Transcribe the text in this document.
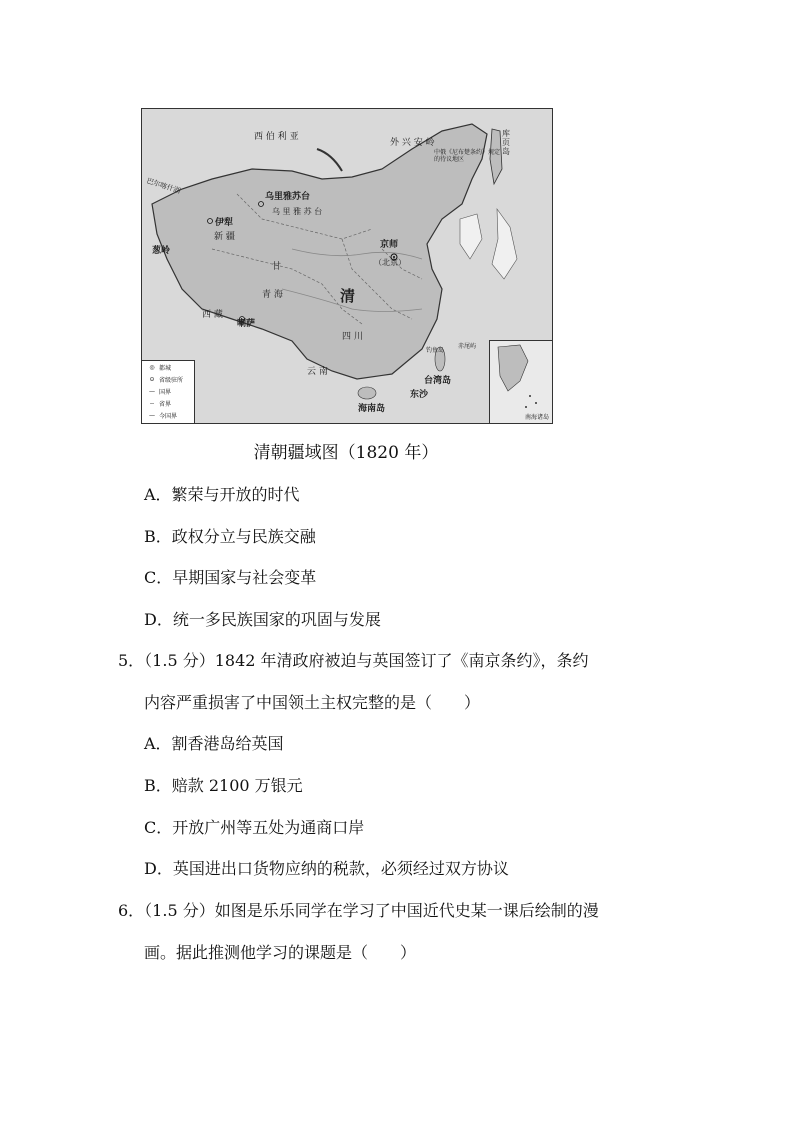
西 伯 利 亚
外 兴 安 岭
中俄《尼布楚条约》规定的待议地区
库 页 岛
巴尔喀什湖
乌里雅苏台
乌 里 雅 苏 台
伊犁
新 疆
葱岭
京师
（北京）
甘
清
青 海
西 藏
喇萨
四 川
云 南
赤尾屿
钓鱼岛
台湾岛
东沙
海南岛
◎ 都城
⊙ 省级驻所
— 国界
‐‐ 省界
— 今国界	南海诸岛
清朝疆域图（1820 年）
A．繁荣与开放的时代
B．政权分立与民族交融
C．早期国家与社会变革
D．统一多民族国家的巩固与发展
5．（1.5 分）1842 年清政府被迫与英国签订了《南京条约》，条约
内容严重损害了中国领土主权完整的是（　　）
A．割香港岛给英国
B．赔款 2100 万银元
C．开放广州等五处为通商口岸
D．英国进出口货物应纳的税款，必须经过双方协议
6．（1.5 分）如图是乐乐同学在学习了中国近代史某一课后绘制的漫
画。据此推测他学习的课题是（　　）
